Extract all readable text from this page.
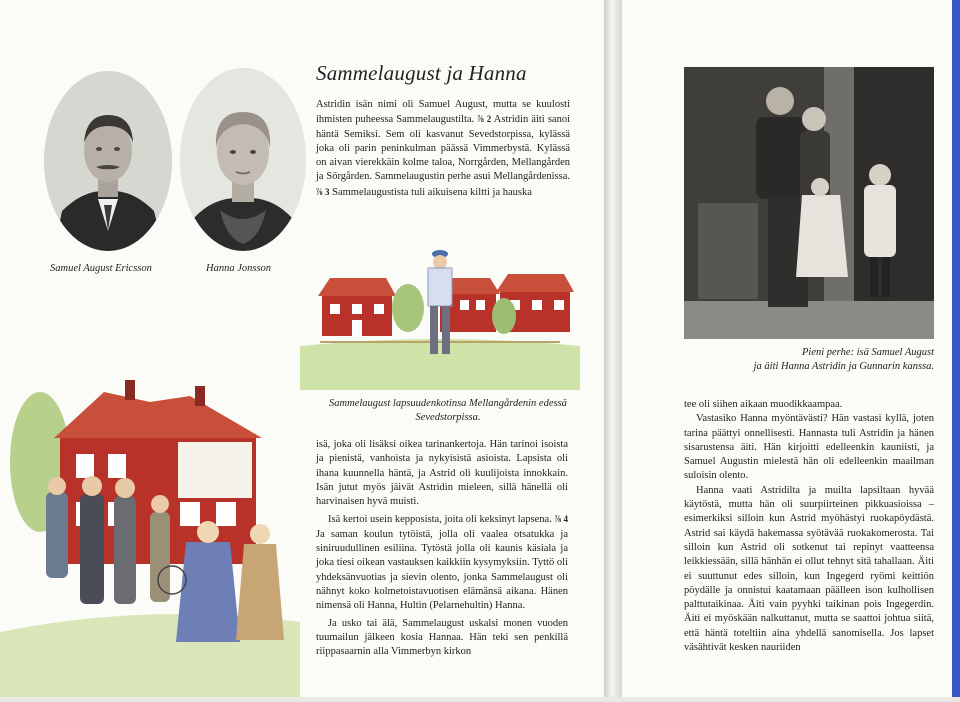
Samuel August Ericsson	Hanna Jonsson
Sammelaugust ja Hanna

Astridin isän nimi oli Samuel August, mutta se kuulosti ihmisten puheessa Sammelaugustilta. ⅞ 2 Astridin äiti sanoi häntä Semiksi. Sem oli kasvanut Sevedstorpissa, kylässä joka oli parin peninkulman päässä Vimmerbystä. Kylässä on aivan vierekkäin kolme taloa, Norrgården, Mellangården ja Sörgården. Sammelaugustin perhe asui Mellangårdenissa. ⅞ 3 Sammelaugustista tuli aikuisena kiltti ja hauska

Sammelaugust lapsuudenkotinsa Mellangårdenin edessä Sevedstorpissa.

isä, joka oli lisäksi oikea tarinankertoja. Hän tarinoi isoista ja pienistä, vanhoista ja nykyisistä asioista. Lapsista oli ihana kuunnella häntä, ja Astrid oli kuulijoista innokkain. Isän jutut myös jäivät Astridin mieleen, sillä hänellä oli harvinaisen hyvä muisti.

Isä kertoi usein kepposista, joita oli keksinyt lapsena. ⅞ 4 Ja saman koulun tytöistä, jolla oli vaalea otsatukka ja siniruudullinen esiliina. Tytöstä jolla oli kaunis käsiala ja joka tiesi oikean vastauksen kaikkiin kysymyksiin. Tyttö oli yhdeksänvuotias ja sievin olento, jonka Sammelaugust oli nähnyt koko kolmetoistavuotisen elämänsä aikana. Hänen nimensä oli Hanna, Hultin (Pelarnehultin) Hanna.

Ja usko tai älä, Sammelaugust uskalsi monen vuoden tuumailun jälkeen kosia Hannaa. Hän teki sen penkillä riippasaarnin alla Vimmerbyn kirkon

Pieni perhe: isä Samuel August
ja äiti Hanna Astridin ja Gunnarin kanssa.

tee oli siihen aikaan muodikkaampaa.

Vastasiko Hanna myöntävästi? Hän vastasi kyllä, joten tarina päättyi onnellisesti. Hannasta tuli Astridin ja hänen sisarustensa äiti. Hän kirjoitti edelleenkin kauniisti, ja Samuel Augustin mielestä hän oli edelleenkin maailman suloisin olento.

Hanna vaati Astridilta ja muilta lapsiltaan hyvää käytöstä, mutta hän oli suurpiirteinen pikkuasioissa – esimerkiksi silloin kun Astrid myöhästyi ruokapöydästä. Astrid sai käydä hakemassa syötävää ruokakomerosta. Tai silloin kun Astrid oli sotkenut tai repinyt vaatteensa leikkiessään, sillä hänhän ei ollut tehnyt sitä tahallaan. Äiti ei suuttunut edes silloin, kun Ingegerd ryömi keittiön pöydälle ja onnistui kaatamaan päälleen ison kulhollisen palttutaikinaa. Äiti vain pyyhki taikinan pois Ingegerdin. Äiti ei myöskään nalkuttanut, mutta se saattoi johtua siitä, että häntä toteltiin aina yhdellä sanomisella. Jos lapset väsähtivät kesken nauriiden
